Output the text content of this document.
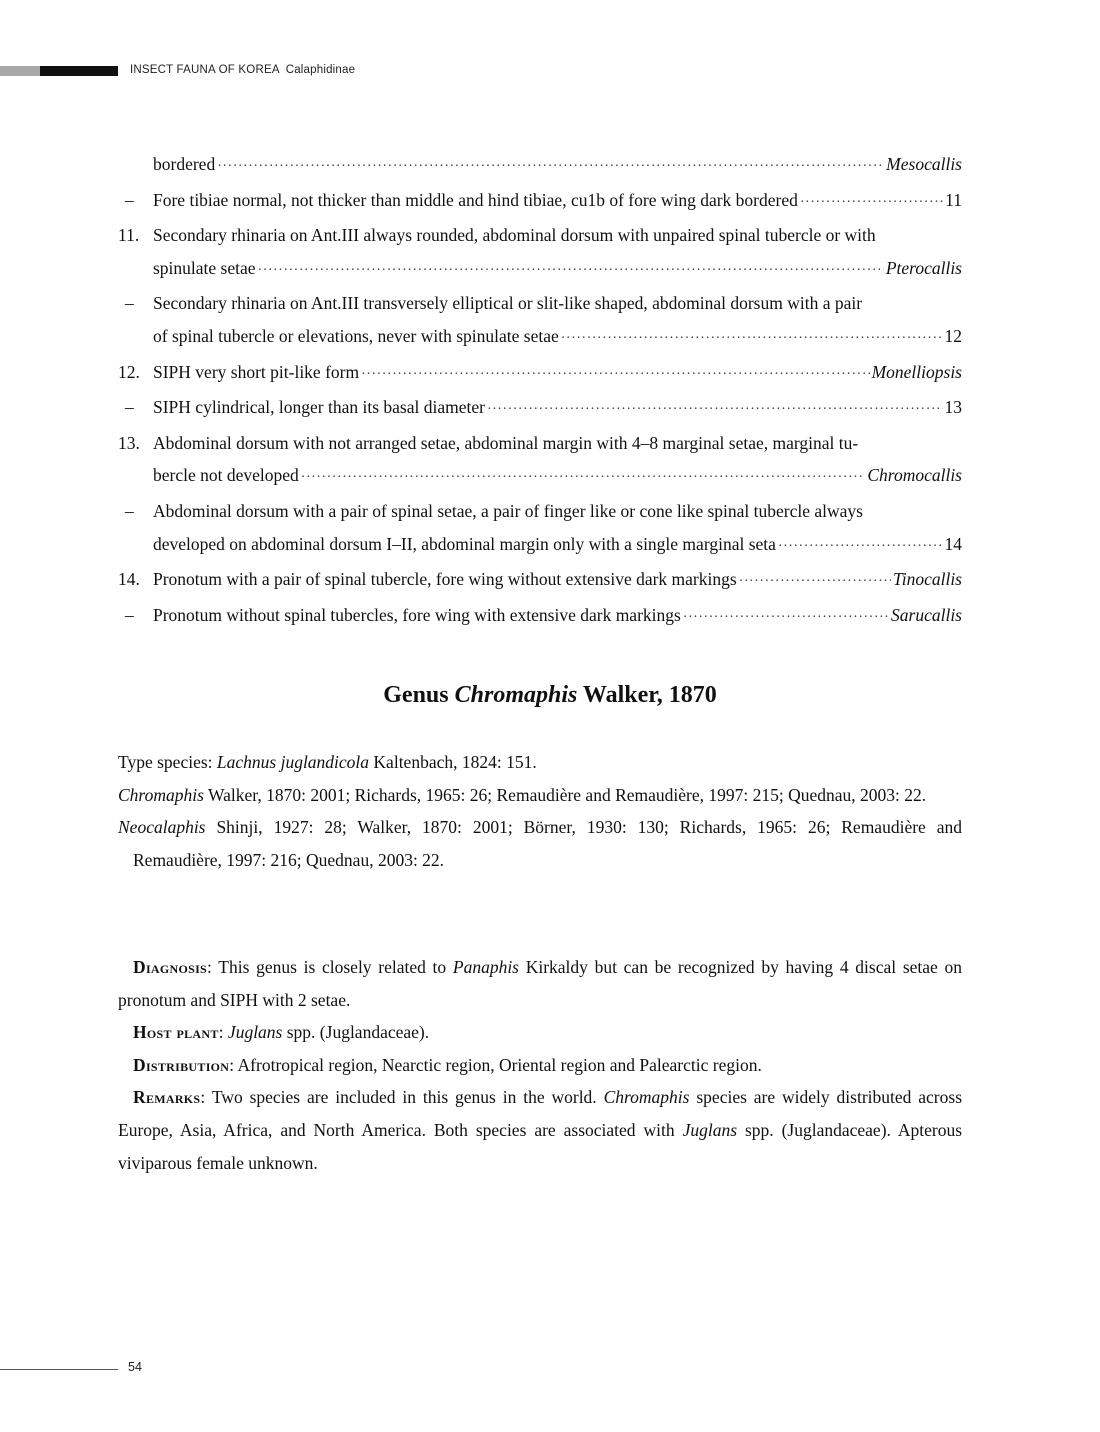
INSECT FAUNA OF KOREA Calaphidinae
bordered ·····	Mesocallis
– Fore tibiae normal, not thicker than middle and hind tibiae, cu1b of fore wing dark bordered ·····	11
11. Secondary rhinaria on Ant.III always rounded, abdominal dorsum with unpaired spinal tubercle or with
spinulate setae ·····	Pterocallis
– Secondary rhinaria on Ant.III transversely elliptical or slit-like shaped, abdominal dorsum with a pair
of spinal tubercle or elevations, never with spinulate setae ·····	12
12. SIPH very short pit-like form ·····	Monelliopsis
– SIPH cylindrical, longer than its basal diameter ·····	13
13. Abdominal dorsum with not arranged setae, abdominal margin with 4–8 marginal setae, marginal tu-
bercle not developed ·····	Chromocallis
– Abdominal dorsum with a pair of spinal setae, a pair of finger like or cone like spinal tubercle always
developed on abdominal dorsum I–II, abdominal margin only with a single marginal seta ·····	14
14. Pronotum with a pair of spinal tubercle, fore wing without extensive dark markings ·····	Tinocallis
– Pronotum without spinal tubercles, fore wing with extensive dark markings ·····	Sarucallis
Genus Chromaphis Walker, 1870
Type species: Lachnus juglandicola Kaltenbach, 1824: 151.
Chromaphis Walker, 1870: 2001; Richards, 1965: 26; Remaudière and Remaudière, 1997: 215; Quednau, 2003: 22.
Neocalaphis Shinji, 1927: 28; Walker, 1870: 2001; Börner, 1930: 130; Richards, 1965: 26; Remaudière and Remaudière, 1997: 216; Quednau, 2003: 22.

Diagnosis: This genus is closely related to Panaphis Kirkaldy but can be recognized by having 4 discal setae on pronotum and SIPH with 2 setae.

Host plant: Juglans spp. (Juglandaceae).

Distribution: Afrotropical region, Nearctic region, Oriental region and Palearctic region.

Remarks: Two species are included in this genus in the world. Chromaphis species are widely distributed across Europe, Asia, Africa, and North America. Both species are associated with Juglans spp. (Juglandaceae). Apterous viviparous female unknown.

54
